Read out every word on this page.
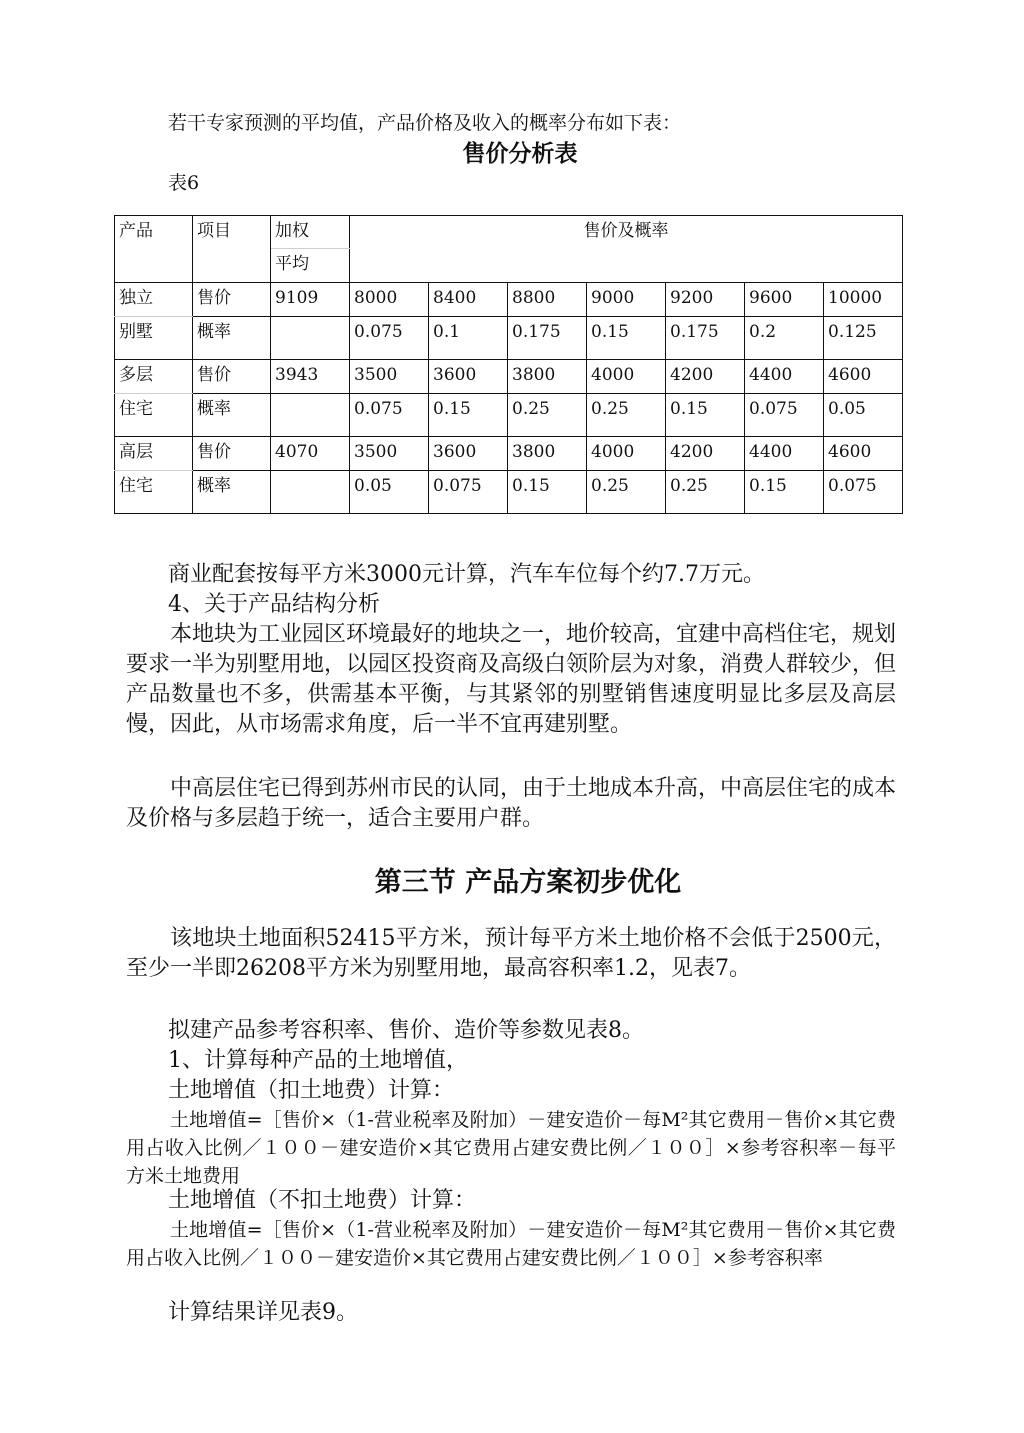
若干专家预测的平均值，产品价格及收入的概率分布如下表：
售价分析表
表6
产品	项目	加权	售价及概率						
		平均							
独立	售价	9109	8000	8400	8800	9000	9200	9600	10000
别墅	概率		0.075	0.1	0.175	0.15	0.175	0.2	0.125
多层	售价	3943	3500	3600	3800	4000	4200	4400	4600
住宅	概率		0.075	0.15	0.25	0.25	0.15	0.075	0.05
高层	售价	4070	3500	3600	3800	4000	4200	4400	4600
住宅	概率		0.05	0.075	0.15	0.25	0.25	0.15	0.075
商业配套按每平方米3000元计算，汽车车位每个约7.7万元。
4、关于产品结构分析
本地块为工业园区环境最好的地块之一，地价较高，宜建中高档住宅，规划要求一半为别墅用地，以园区投资商及高级白领阶层为对象，消费人群较少，但产品数量也不多，供需基本平衡，与其紧邻的别墅销售速度明显比多层及高层慢，因此，从市场需求角度，后一半不宜再建别墅。
中高层住宅已得到苏州市民的认同，由于土地成本升高，中高层住宅的成本及价格与多层趋于统一，适合主要用户群。
第三节 产品方案初步优化
该地块土地面积52415平方米，预计每平方米土地价格不会低于2500元，至少一半即26208平方米为别墅用地，最高容积率1.2，见表7。
拟建产品参考容积率、售价、造价等参数见表8。
1、计算每种产品的土地增值，
土地增值（扣土地费）计算：
土地增值=［售价×（1-营业税率及附加）－建安造价－每M²其它费用－售价×其它费用占收入比例／１００－建安造价×其它费用占建安费比例／１００］×参考容积率－每平方米土地费用
土地增值（不扣土地费）计算：
土地增值=［售价×（1-营业税率及附加）－建安造价－每M²其它费用－售价×其它费用占收入比例／１００－建安造价×其它费用占建安费比例／１００］×参考容积率
计算结果详见表9。
